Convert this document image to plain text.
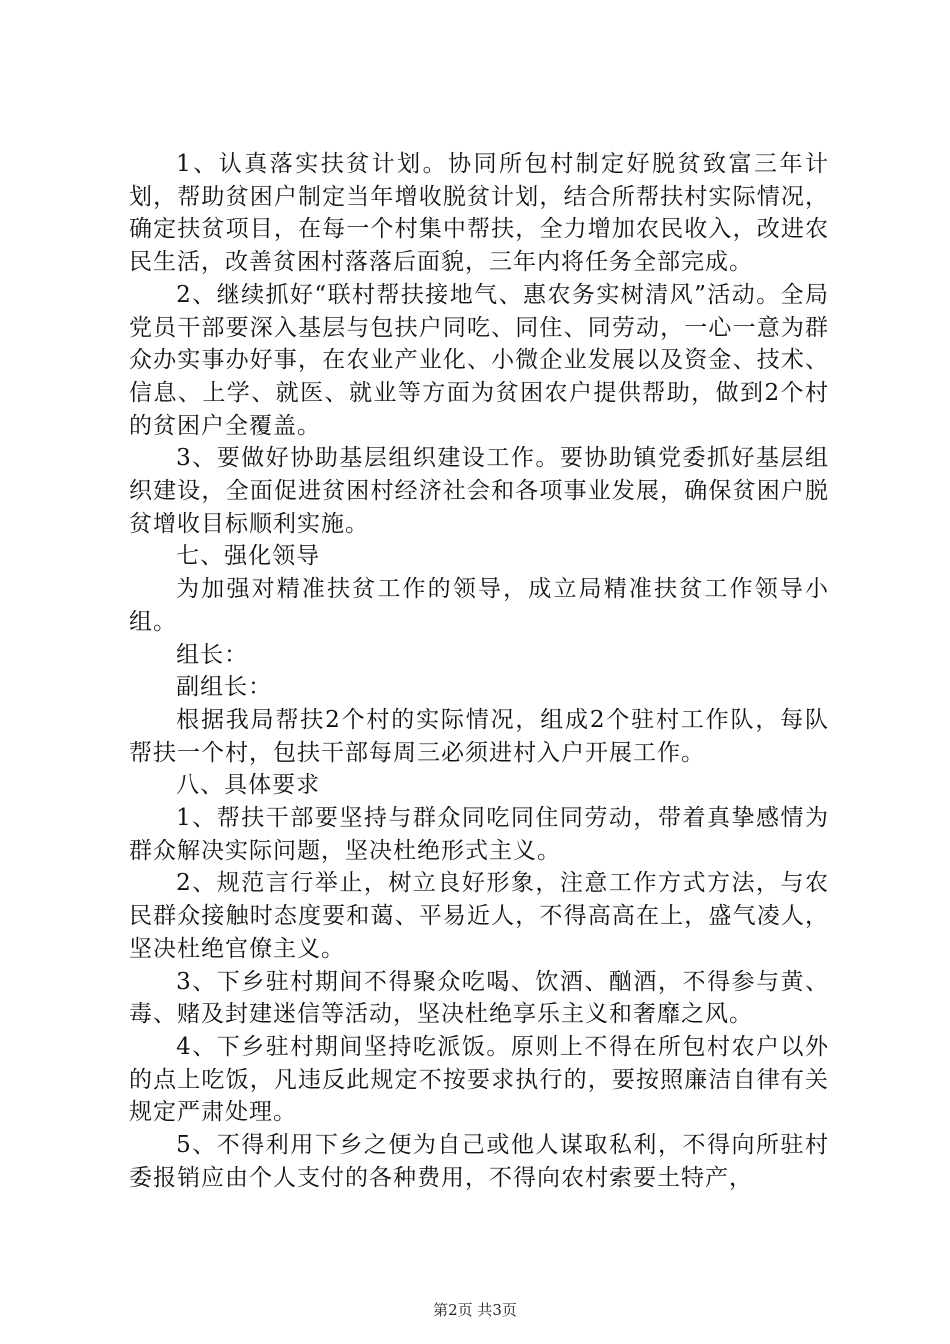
1、认真落实扶贫计划。协同所包村制定好脱贫致富三年计划，帮助贫困户制定当年增收脱贫计划，结合所帮扶村实际情况，确定扶贫项目，在每一个村集中帮扶，全力增加农民收入，改进农民生活，改善贫困村落落后面貌，三年内将任务全部完成。

2、继续抓好“联村帮扶接地气、惠农务实树清风”活动。全局党员干部要深入基层与包扶户同吃、同住、同劳动，一心一意为群众办实事办好事，在农业产业化、小微企业发展以及资金、技术、信息、上学、就医、就业等方面为贫困农户提供帮助，做到2个村的贫困户全覆盖。

3、要做好协助基层组织建设工作。要协助镇党委抓好基层组织建设，全面促进贫困村经济社会和各项事业发展，确保贫困户脱贫增收目标顺利实施。

七、强化领导

为加强对精准扶贫工作的领导，成立局精准扶贫工作领导小组。

组长：

副组长：

根据我局帮扶2个村的实际情况，组成2个驻村工作队，每队帮扶一个村，包扶干部每周三必须进村入户开展工作。

八、具体要求

1、帮扶干部要坚持与群众同吃同住同劳动，带着真挚感情为群众解决实际问题，坚决杜绝形式主义。

2、规范言行举止，树立良好形象，注意工作方式方法，与农民群众接触时态度要和蔼、平易近人，不得高高在上，盛气凌人，坚决杜绝官僚主义。

3、下乡驻村期间不得聚众吃喝、饮酒、酗酒，不得参与黄、毒、赌及封建迷信等活动，坚决杜绝享乐主义和奢靡之风。

4、下乡驻村期间坚持吃派饭。原则上不得在所包村农户以外的点上吃饭，凡违反此规定不按要求执行的，要按照廉洁自律有关规定严肃处理。

5、不得利用下乡之便为自己或他人谋取私利，不得向所驻村委报销应由个人支付的各种费用，不得向农村索要土特产，

第2页 共3页
